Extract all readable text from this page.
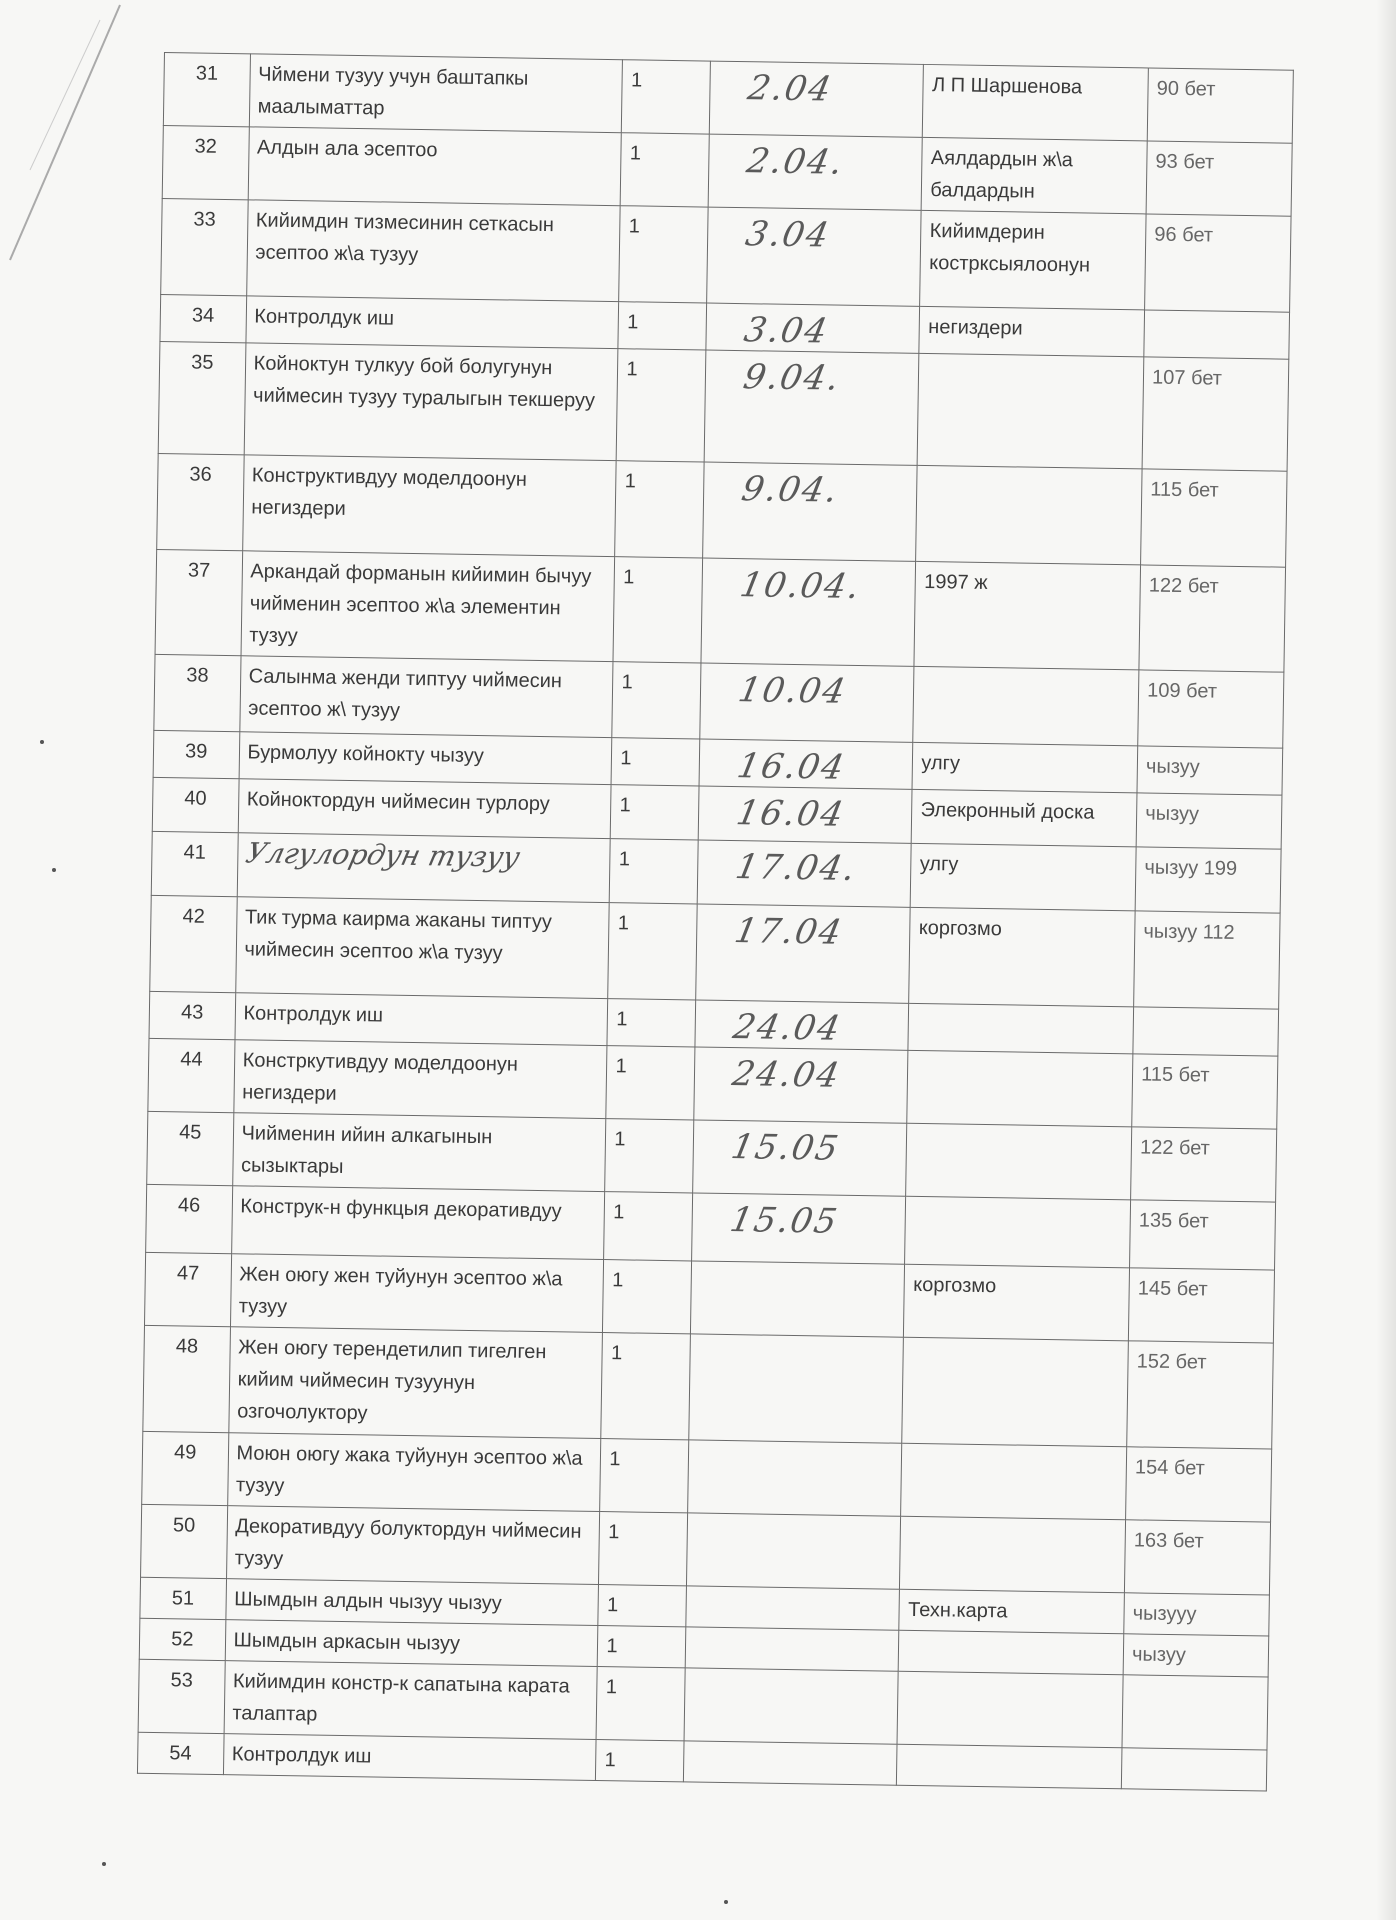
31	Чймени тузуу учун баштапкы маалыматтар	1	2.04	Л П Шаршенова	90 бет
32	Алдын ала эсептоо	1	2.04.	Аялдардын ж\а балдардын	93 бет
33	Кийимдин тизмесинин сеткасын эсептоо ж\а тузуу	1	3.04	Кийимдерин кострксыялоонун	96 бет
34	Контролдук иш	1	3.04	негиздери	
35	Койноктун тулкуу бой болугунун чиймесин тузуу туралыгын текшеруу	1	9.04.		107 бет
36	Конструктивдуу моделдоонун негиздери	1	9.04.		115 бет
37	Аркандай форманын кийимин бычуу чийменин эсептоо ж\а элементин тузуу	1	10.04.	1997 ж	122 бет
38	Салынма женди типтуу чиймесин эсептоо ж\ тузуу	1	10.04		109 бет
39	Бурмолуу койнокту чызуу	1	16.04	улгу	чызуу
40	Койноктордун чиймесин турлору	1	16.04	Элекронный доска	чызуу
41	Улгулордун тузуу	1	17.04.	улгу	чызуу 199
42	Тик турма каирма жаканы типтуу чиймесин эсептоо ж\а тузуу	1	17.04	коргозмо	чызуу 112
43	Контролдук иш	1	24.04		

44	Констркутивдуу моделдоонун негиздери	1	24.04		115 бет
45	Чийменин ийин алкагынын сызыктары	1	15.05		122 бет
46	Конструк-н функцыя декоративдуу	1	15.05		135 бет
47	Жен оюгу жен туйунун эсептоо ж\а тузуу	1		коргозмо	145 бет
48	Жен оюгу терендетилип тигелген кийим чиймесин тузуунун озгочолуктору	1			152 бет
49	Моюн оюгу жака туйунун эсептоо ж\а тузуу	1			154 бет
50	Декоративдуу болуктордун чиймесин тузуу	1			163 бет
51	Шымдын алдын чызуу чызуу	1		Техн.карта	чызууу
52	Шымдын аркасын чызуу	1			чызуу
53	Кийимдин констр-к сапатына карата талаптар	1	

54	Контролдук иш	1	
